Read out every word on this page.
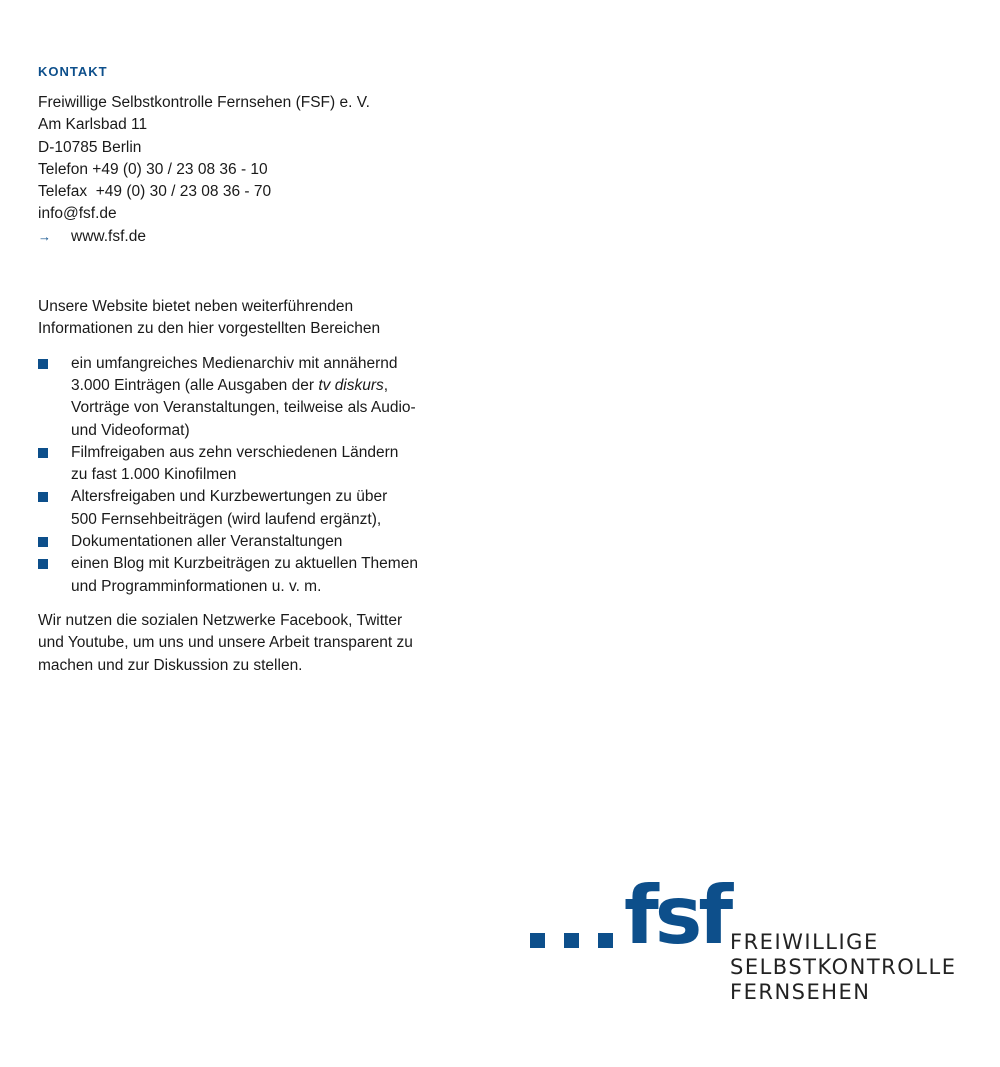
KONTAKT
Freiwillige Selbstkontrolle Fernsehen (FSF) e. V.
Am Karlsbad 11
D-10785 Berlin
Telefon +49 (0) 30 / 23 08 36 - 10
Telefax  +49 (0) 30 / 23 08 36 - 70
info@fsf.de
→	www.fsf.de
Unsere Website bietet neben weiterführenden
Informationen zu den hier vorgestellten Bereichen
ein umfangreiches Medienarchiv mit annähernd
3.000 Einträgen (alle Ausgaben der tv diskurs,
Vorträge von Veranstaltungen, teilweise als Audio-
und Videoformat)
Filmfreigaben aus zehn verschiedenen Ländern
zu fast 1.000 Kinofilmen
Altersfreigaben und Kurzbewertungen zu über
500 Fernsehbeiträgen (wird laufend ergänzt),
Dokumentationen aller Veranstaltungen
einen Blog mit Kurzbeiträgen zu aktuellen Themen
und Programminformationen u. v. m.
Wir nutzen die sozialen Netzwerke Facebook, Twitter
und Youtube, um uns und unsere Arbeit transparent zu
machen und zur Diskussion zu stellen.
fsf FREIWILLIGE
SELBSTKONTROLLE
FERNSEHEN
